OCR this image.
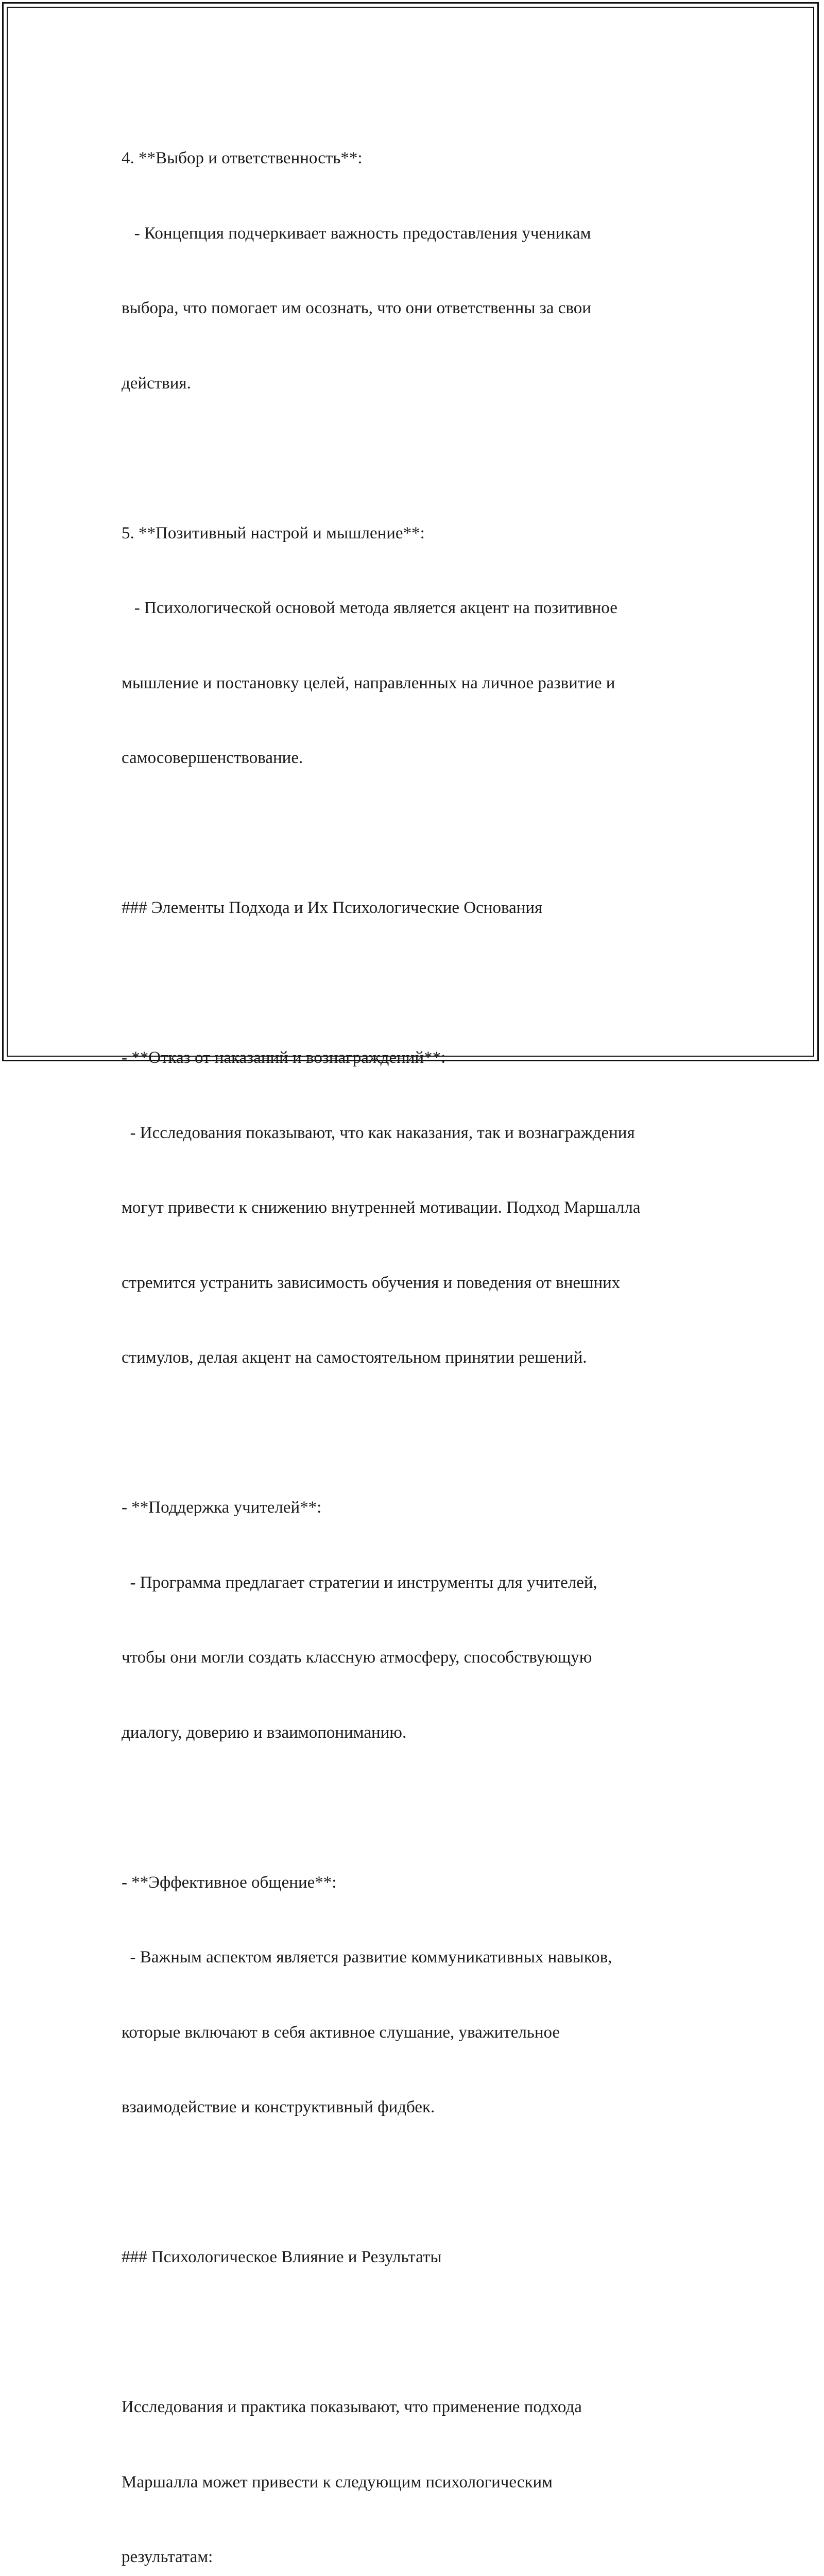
4. **Выбор и ответственность**:

- Концепция подчеркивает важность предоставления ученикам

выбора, что помогает им осознать, что они ответственны за свои

действия.

5. **Позитивный настрой и мышление**:

- Психологической основой метода является акцент на позитивное

мышление и постановку целей, направленных на личное развитие и

самосовершенствование.

### Элементы Подхода и Их Психологические Основания

- **Отказ от наказаний и вознаграждений**:

- Исследования показывают, что как наказания, так и вознаграждения

могут привести к снижению внутренней мотивации. Подход Маршалла

стремится устранить зависимость обучения и поведения от внешних

стимулов, делая акцент на самостоятельном принятии решений.

- **Поддержка учителей**:

- Программа предлагает стратегии и инструменты для учителей,

чтобы они могли создать классную атмосферу, способствующую

диалогу, доверию и взаимопониманию.

- **Эффективное общение**:

- Важным аспектом является развитие коммуникативных навыков,

которые включают в себя активное слушание, уважительное

взаимодействие и конструктивный фидбек.

### Психологическое Влияние и Результаты

Исследования и практика показывают, что применение подхода

Маршалла может привести к следующим психологическим

результатам:
